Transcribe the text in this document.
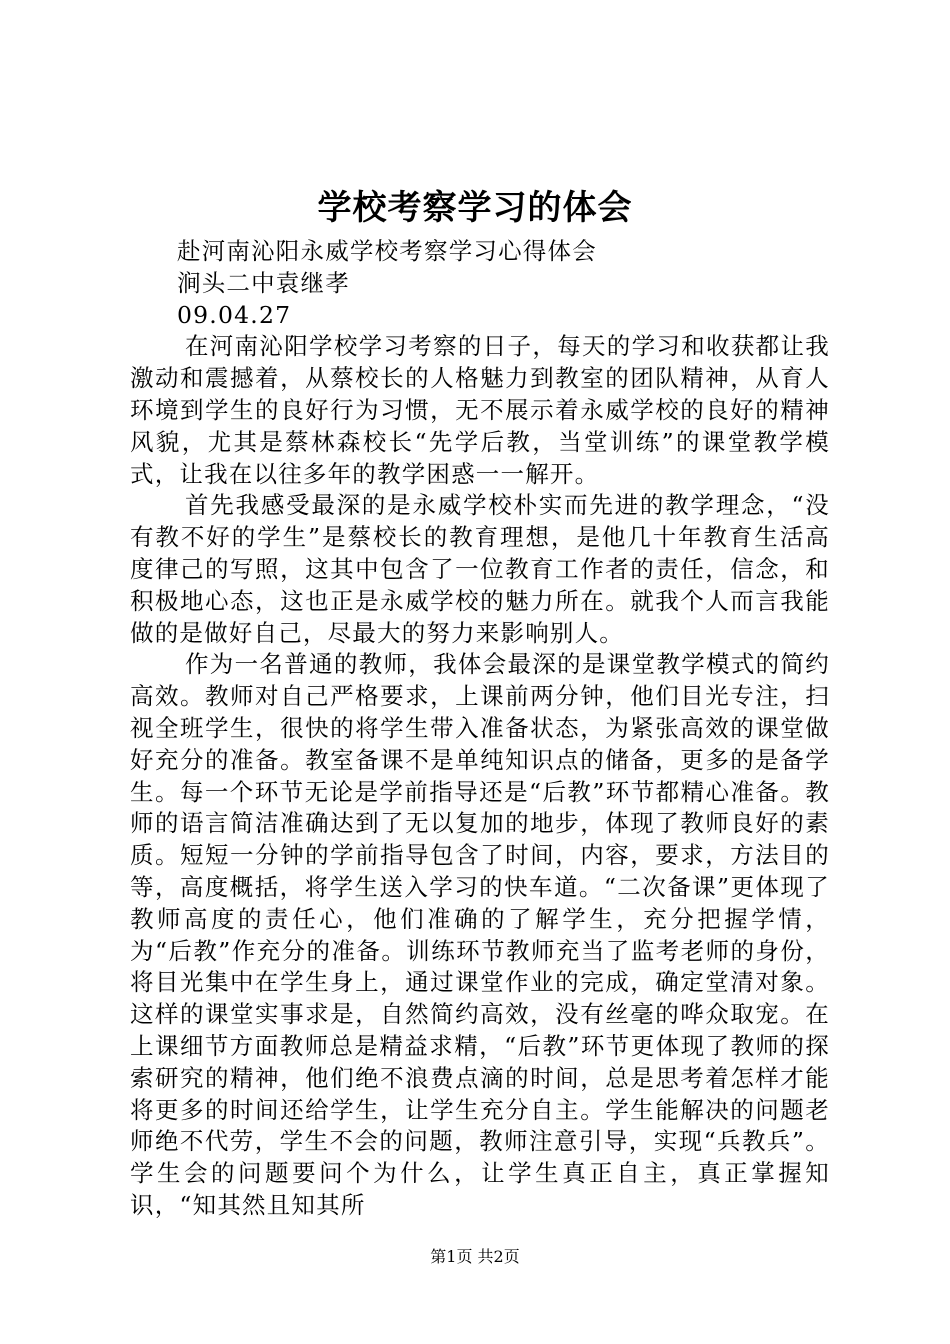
学校考察学习的体会

赴河南沁阳永威学校考察学习心得体会

涧头二中袁继孝

09.04.27

在河南沁阳学校学习考察的日子，每天的学习和收获都让我激动和震撼着，从蔡校长的人格魅力到教室的团队精神，从育人环境到学生的良好行为习惯，无不展示着永威学校的良好的精神风貌，尤其是蔡林森校长“先学后教，当堂训练”的课堂教学模式，让我在以往多年的教学困惑一一解开。

首先我感受最深的是永威学校朴实而先进的教学理念，“没有教不好的学生”是蔡校长的教育理想，是他几十年教育生活高度律己的写照，这其中包含了一位教育工作者的责任，信念，和积极地心态，这也正是永威学校的魅力所在。就我个人而言我能做的是做好自己，尽最大的努力来影响别人。

作为一名普通的教师，我体会最深的是课堂教学模式的简约高效。教师对自己严格要求，上课前两分钟，他们目光专注，扫视全班学生，很快的将学生带入准备状态，为紧张高效的课堂做好充分的准备。教室备课不是单纯知识点的储备，更多的是备学生。每一个环节无论是学前指导还是“后教”环节都精心准备。教师的语言简洁准确达到了无以复加的地步，体现了教师良好的素质。短短一分钟的学前指导包含了时间，内容，要求，方法目的等，高度概括，将学生送入学习的快车道。“二次备课”更体现了教师高度的责任心，他们准确的了解学生，充分把握学情，为“后教”作充分的准备。训练环节教师充当了监考老师的身份，将目光集中在学生身上，通过课堂作业的完成，确定堂清对象。这样的课堂实事求是，自然简约高效，没有丝毫的哗众取宠。在上课细节方面教师总是精益求精，“后教”环节更体现了教师的探索研究的精神，他们绝不浪费点滴的时间，总是思考着怎样才能将更多的时间还给学生，让学生充分自主。学生能解决的问题老师绝不代劳，学生不会的问题，教师注意引导，实现“兵教兵”。学生会的问题要问个为什么，让学生真正自主，真正掌握知识，“知其然且知其所

第1页 共2页
